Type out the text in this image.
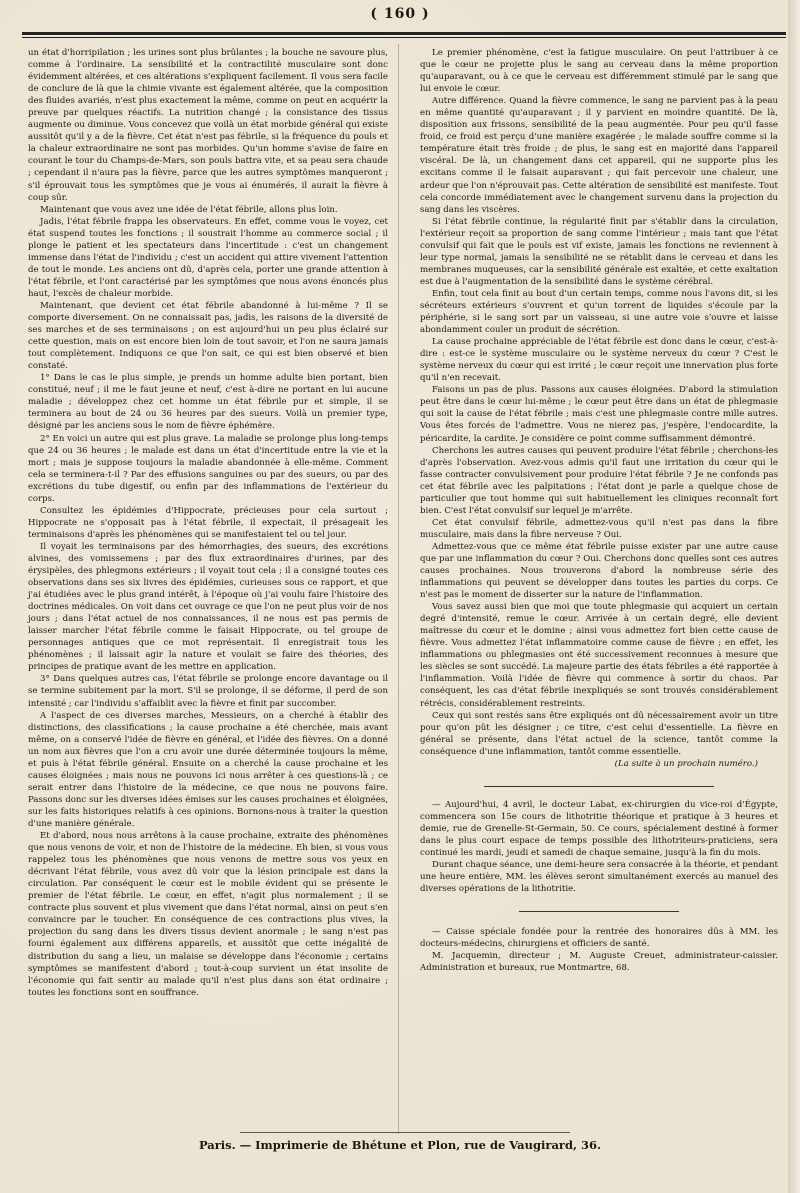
( 160 )

un état d'horripilation ; les urines sont plus brûlantes ; la bouche ne savoure plus, comme à l'ordinaire. La sensibilité et la contractilité musculaire sont donc évidemment altérées, et ces altérations s'expliquent facilement. Il vous sera facile de conclure de là que la chimie vivante est également altérée, que la composition des fluides avariés, n'est plus exactement la même, comme on peut en acquérir la preuve par quelques réactifs. La nutrition changé ; la consistance des tissus augmente ou diminue. Vous concevez que voilà un état morbide général qui existe aussitôt qu'il y a de la fièvre. Cet état n'est pas fébrile, si la fréquence du pouls et la chaleur extraordinaire ne sont pas morbides. Qu'un homme s'avise de faire en courant le tour du Champs-de-Mars, son pouls battra vite, et sa peau sera chaude ; cependant il n'aura pas la fièvre, parce que les autres symptômes manqueront ; s'il éprouvait tous les symptômes que je vous ai énumérés, il aurait la fièvre à coup sûr.

Maintenant que vous avez une idée de l'état fébrile, allons plus loin.

Jadis, l'état fébrile frappa les observateurs. En effet, comme vous le voyez, cet état suspend toutes les fonctions ; il soustrait l'homme au commerce social ; il plonge le patient et les spectateurs dans l'incertitude : c'est un changement immense dans l'état de l'individu ; c'est un accident qui attire vivement l'attention de tout le monde. Les anciens ont dû, d'après cela, porter une grande attention à l'état fébrile, et l'ont caractérisé par les symptômes que nous avons énoncés plus haut, l'excès de chaleur morbide.

Maintenant, que devient cet état fébrile abandonné à lui-même ? Il se comporte diversement. On ne connaissait pas, jadis, les raisons de la diversité de ses marches et de ses terminaisons ; on est aujourd'hui un peu plus éclairé sur cette question, mais on est encore bien loin de tout savoir, et l'on ne saura jamais tout complètement. Indiquons ce que l'on sait, ce qui est bien observé et bien constaté.

1° Dans le cas le plus simple, je prends un homme adulte bien portant, bien constitué, neuf ; il me le faut jeune et neuf, c'est à-dire ne portant en lui aucune maladie ; développez chez cet homme un état fébrile pur et simple, il se terminera au bout de 24 ou 36 heures par des sueurs. Voilà un premier type, désigné par les anciens sous le nom de fièvre éphémère.

2° En voici un autre qui est plus grave. La maladie se prolonge plus long-temps que 24 ou 36 heures ; le malade est dans un état d'incertitude entre la vie et la mort ; mais je suppose toujours la maladie abandonnée à elle-même. Comment cela se terminera-t-il ? Par des effusions sanguines ou par des sueurs, ou par des excrétions du tube digestif, ou enfin par des inflammations de l'extérieur du corps.

Consultez les épidémies d'Hippocrate, précieuses pour cela surtout ; Hippocrate ne s'opposait pas à l'état fébrile, il expectait, il présageait les terminaisons d'après les phénomènes qui se manifestaient tel ou tel jour.

Il voyait les terminaisons par des hémorrhagies, des sueurs, des excrétions alvines, des vomissemens ; par des flux extraordinaires d'urines, par des érysipèles, des phlegmons extérieurs ; il voyait tout cela ; il a consigné toutes ces observations dans ses six livres des épidémies, curieuses sous ce rapport, et que j'ai étudiées avec le plus grand intérêt, à l'époque où j'ai voulu faire l'histoire des doctrines médicales. On voit dans cet ouvrage ce que l'on ne peut plus voir de nos jours ; dans l'état actuel de nos connaissances, il ne nous est pas permis de laisser marcher l'état fébrile comme le faisait Hippocrate, ou tel groupe de personnages antiques que ce mot représentait. Il enregistrait tous les phénomènes ; il laissait agir la nature et voulait se faire des théories, des principes de pratique avant de les mettre en application.

3° Dans quelques autres cas, l'état fébrile se prolonge encore davantage ou il se termine subitement par la mort. S'il se prolonge, il se déforme, il perd de son intensité ; car l'individu s'affaiblit avec la fièvre et finit par succomber.

A l'aspect de ces diverses marches, Messieurs, on a cherché à établir des distinctions, des classifications ; la cause prochaine a été cherchée, mais avant même, on a conservé l'idée de fièvre en général, et l'idée des fièvres. On a donné un nom aux fièvres que l'on a cru avoir une durée déterminée toujours la même, et puis à l'état fébrile général. Ensuite on a cherché la cause prochaine et les causes éloignées ; mais nous ne pouvons ici nous arrêter à ces questions-là ; ce serait entrer dans l'histoire de la médecine, ce que nous ne pouvons faire. Passons donc sur les diverses idées émises sur les causes prochaines et éloignées, sur les faits historiques relatifs à ces opinions. Bornons-nous à traiter la question d'une manière générale.

Et d'abord, nous nous arrêtons à la cause prochaine, extraite des phénomènes que nous venons de voir, et non de l'histoire de la médecine. Eh bien, si vous vous rappelez tous les phénomènes que nous venons de mettre sous vos yeux en décrivant l'état fébrile, vous avez dû voir que la lésion principale est dans la circulation. Par conséquent le cœur est le mobile évident qui se présente le premier de l'état fébrile. Le cœur, en effet, n'agit plus normalement ; il se contracte plus souvent et plus vivement que dans l'état normal, ainsi on peut s'en convaincre par le toucher. En conséquence de ces contractions plus vives, la projection du sang dans les divers tissus devient anormale ; le sang n'est pas fourni également aux différens appareils, et aussitôt que cette inégalité de distribution du sang a lieu, un malaise se développe dans l'économie ; certains symptômes se manifestent d'abord ; tout-à-coup survient un état insolite de l'économie qui fait sentir au malade qu'il n'est plus dans son état ordinaire ; toutes les fonctions sont en souffrance.

Le premier phénomène, c'est la fatigue musculaire. On peut l'attribuer à ce que le cœur ne projette plus le sang au cerveau dans la même proportion qu'auparavant, ou à ce que le cerveau est différemment stimulé par le sang que lui envoie le cœur.

Autre différence. Quand la fièvre commence, le sang ne parvient pas à la peau en même quantité qu'auparavant ; il y parvient en moindre quantité. De là, disposition aux frissons, sensibilité de la peau augmentée. Pour peu qu'il fasse froid, ce froid est perçu d'une manière exagérée ; le malade souffre comme si la température était très froide ; de plus, le sang est en majorité dans l'appareil viscéral. De là, un changement dans cet appareil, qui ne supporte plus les excitans comme il le faisait auparavant ; qui fait percevoir une chaleur, une ardeur que l'on n'éprouvait pas. Cette altération de sensibilité est manifeste. Tout cela concorde immédiatement avec le changement survenu dans la projection du sang dans les viscères.

Si l'état fébrile continue, la régularité finit par s'établir dans la circulation, l'extérieur reçoit sa proportion de sang comme l'intérieur ; mais tant que l'état convulsif qui fait que le pouls est vif existe, jamais les fonctions ne reviennent à leur type normal, jamais la sensibilité ne se rétablit dans le cerveau et dans les membranes muqueuses, car la sensibilité générale est exaltée, et cette exaltation est due à l'augmentation de la sensibilité dans le système cérébral.

Enfin, tout cela finit au bout d'un certain temps, comme nous l'avons dit, si les sécréteurs extérieurs s'ouvrent et qu'un torrent de liquides s'écoule par la périphérie, si le sang sort par un vaisseau, si une autre voie s'ouvre et laisse abondamment couler un produit de sécrétion.

La cause prochaine appréciable de l'état fébrile est donc dans le cœur, c'est-à-dire : est-ce le système musculaire ou le système nerveux du cœur ? C'est le système nerveux du cœur qui est irrité ; le cœur reçoit une innervation plus forte qu'il n'en recevait.

Faisons un pas de plus. Passons aux causes éloignées. D'abord la stimulation peut être dans le cœur lui-même ; le cœur peut être dans un état de phlegmasie qui soit la cause de l'état fébrile ; mais c'est une phlegmasie contre mille autres. Vous êtes forcés de l'admettre. Vous ne nierez pas, j'espère, l'endocardite, la péricardite, la cardite. Je considère ce point comme suffisamment démontré.

Cherchons les autres causes qui peuvent produire l'état fébrile ; cherchons-les d'après l'observation. Avez-vous admis qu'il faut une irritation du cœur qui le fasse contracter convulsivement pour produire l'état fébrile ? Je ne confonds pas cet état fébrile avec les palpitations ; l'état dont je parle a quelque chose de particulier que tout homme qui suit habituellement les cliniques reconnaît fort bien. C'est l'état convulsif sur lequel je m'arrête.

Cet état convulsif fébrile, admettez-vous qu'il n'est pas dans la fibre musculaire, mais dans la fibre nerveuse ? Oui.

Admettez-vous que ce même état fébrile puisse exister par une autre cause que par une inflammation du cœur ? Oui. Cherchons donc quelles sont ces autres causes prochaines. Nous trouverons d'abord la nombreuse série des inflammations qui peuvent se développer dans toutes les parties du corps. Ce n'est pas le moment de disserter sur la nature de l'inflammation.

Vous savez aussi bien que moi que toute phlegmasie qui acquiert un certain degré d'intensité, remue le cœur. Arrivée à un certain degré, elle devient maîtresse du cœur et le domine ; ainsi vous admettez fort bien cette cause de fièvre. Vous admettez l'état inflammatoire comme cause de fièvre ; en effet, les inflammations ou phlegmasies ont été successivement reconnues à mesure que les siècles se sont succédé. La majeure partie des états fébriles a été rapportée à l'inflammation. Voilà l'idée de fièvre qui commence à sortir du chaos. Par conséquent, les cas d'état fébrile inexpliqués se sont trouvés considérablement rétrécis, considérablement restreints.

Ceux qui sont restés sans être expliqués ont dû nécessairement avoir un titre pour qu'on pût les désigner ; ce titre, c'est celui d'essentielle. La fièvre en général se présente, dans l'état actuel de la science, tantôt comme la conséquence d'une inflammation, tantôt comme essentielle.

(La suite à un prochain numéro.)

— Aujourd'hui, 4 avril, le docteur Labat, ex-chirurgien du vice-roi d'Égypte, commencera son 15e cours de lithotritie théorique et pratique à 3 heures et demie, rue de Grenelle-St-Germain, 50. Ce cours, spécialement destiné à former dans le plus court espace de temps possible des lithotriteurs-praticiens, sera continué les mardi, jeudi et samedi de chaque semaine, jusqu'à la fin du mois.

Durant chaque séance, une demi-heure sera consacrée à la théorie, et pendant une heure entière, MM. les élèves seront simultanément exercés au manuel des diverses opérations de la lithotritie.

— Caisse spéciale fondée pour la rentrée des honoraires dûs à MM. les docteurs-médecins, chirurgiens et officiers de santé.

M. Jacquemin, directeur ; M. Auguste Creuet, administrateur-caissier. Administration et bureaux, rue Montmartre, 68.

Paris. — Imprimerie de Bhétune et Plon, rue de Vaugirard, 36.
